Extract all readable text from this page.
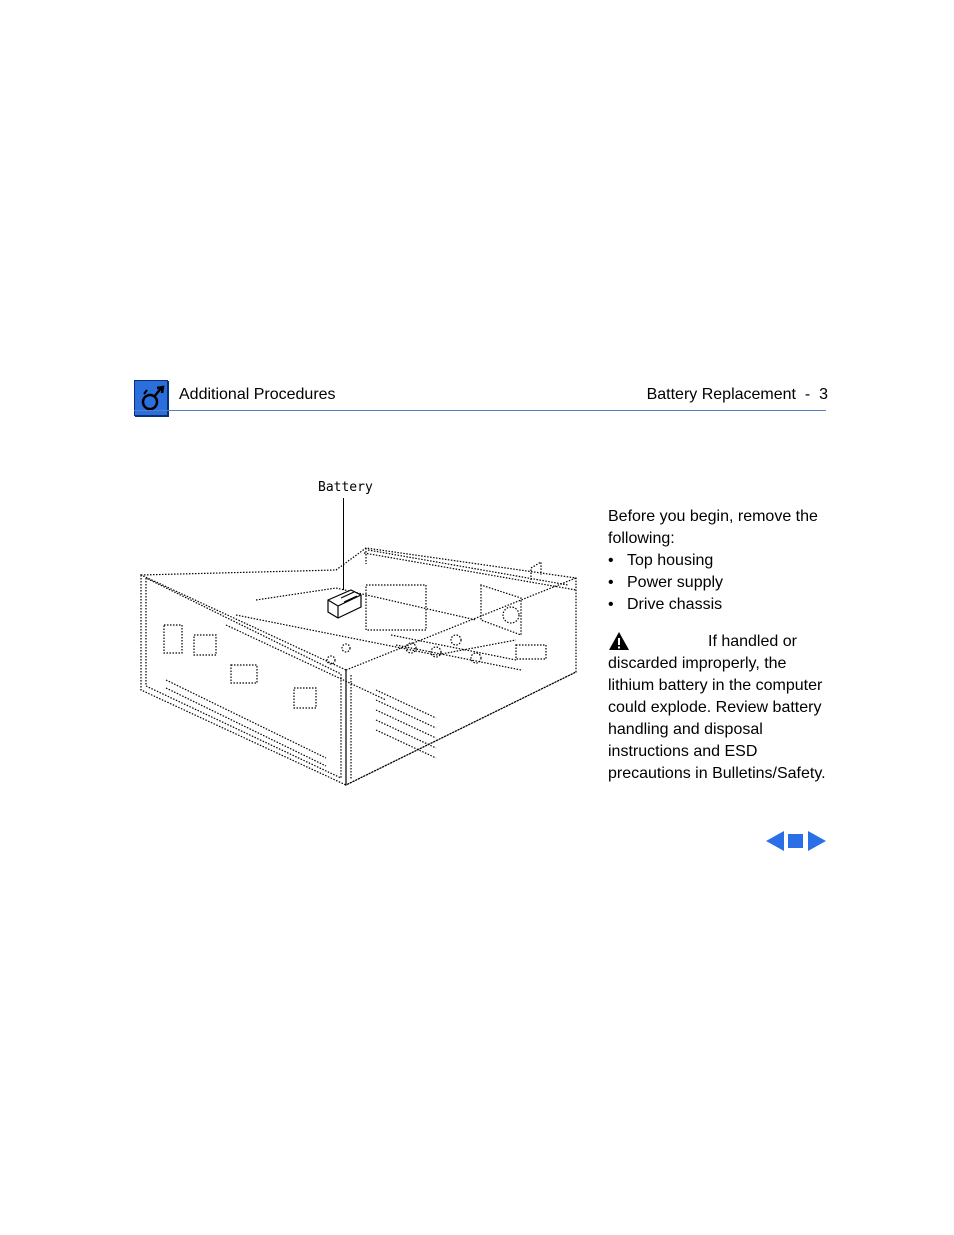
Additional Procedures	Battery Replacement  -  3
Battery
Before you begin, remove the following:
• Top housing
• Power supply
• Drive chassis

If handled or discarded improperly, the lithium battery in the computer could explode. Review battery handling and disposal instructions and ESD precautions in Bulletins/Safety.
